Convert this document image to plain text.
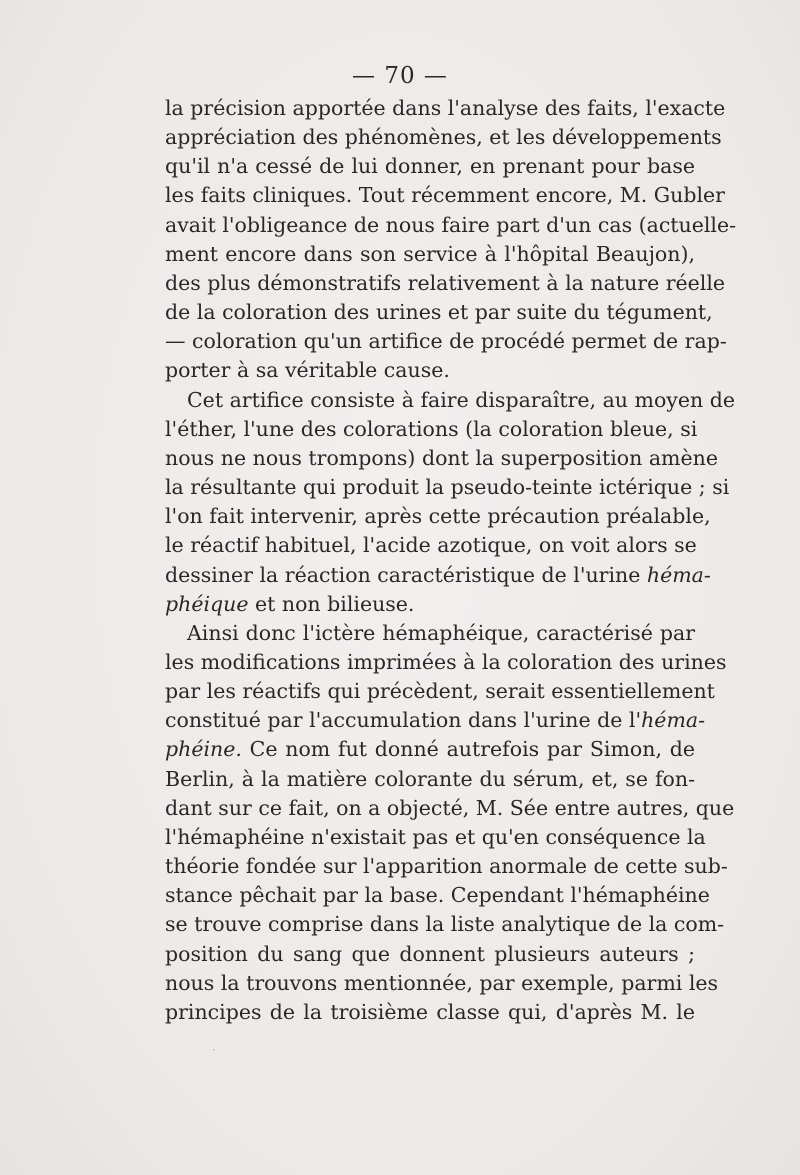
— 70 —
la précision apportée dans l'analyse des faits, l'exacte
appréciation des phénomènes, et les développements
qu'il n'a cessé de lui donner, en prenant pour base
les faits cliniques. Tout récemment encore, M. Gubler
avait l'obligeance de nous faire part d'un cas (actuelle-
ment encore dans son service à l'hôpital Beaujon),
des plus démonstratifs relativement à la nature réelle
de la coloration des urines et par suite du tégument,
— coloration qu'un artifice de procédé permet de rap-
porter à sa véritable cause.
Cet artifice consiste à faire disparaître, au moyen de
l'éther, l'une des colorations (la coloration bleue, si
nous ne nous trompons) dont la superposition amène
la résultante qui produit la pseudo-teinte ictérique ; si
l'on fait intervenir, après cette précaution préalable,
le réactif habituel, l'acide azotique, on voit alors se
dessiner la réaction caractéristique de l'urine héma-
phéique et non bilieuse.
Ainsi donc l'ictère hémaphéique, caractérisé par
les modifications imprimées à la coloration des urines
par les réactifs qui précèdent, serait essentiellement
constitué par l'accumulation dans l'urine de l'héma-
phéine. Ce nom fut donné autrefois par Simon, de
Berlin, à la matière colorante du sérum, et, se fon-
dant sur ce fait, on a objecté, M. Sée entre autres, que
l'hémaphéine n'existait pas et qu'en conséquence la
théorie fondée sur l'apparition anormale de cette sub-
stance pêchait par la base. Cependant l'hémaphéine
se trouve comprise dans la liste analytique de la com-
position du sang que donnent plusieurs auteurs ;
nous la trouvons mentionnée, par exemple, parmi les
principes de la troisième classe qui, d'après M. le
·
